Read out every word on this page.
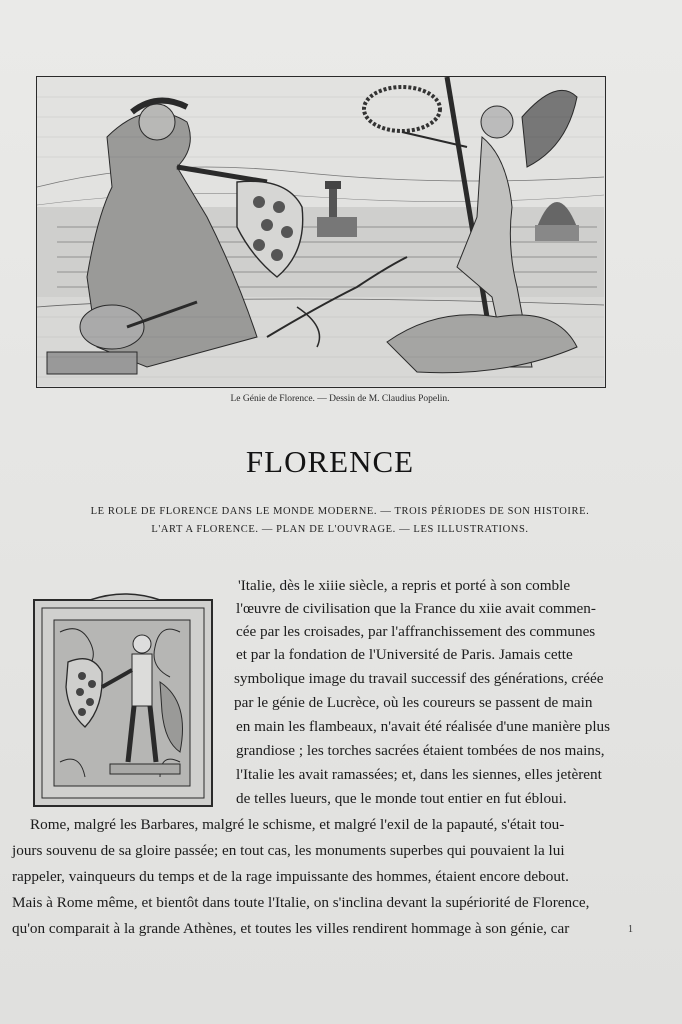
Le Génie de Florence. — Dessin de M. Claudius Popelin.
FLORENCE
LE ROLE DE FLORENCE DANS LE MONDE MODERNE. — TROIS PÉRIODES DE SON HISTOIRE.
L'ART A FLORENCE. — PLAN DE L'OUVRAGE. — LES ILLUSTRATIONS.
'Italie, dès le xiiie siècle, a repris et porté à son comble
l'œuvre de civilisation que la France du xiie avait commen-
cée par les croisades, par l'affranchissement des communes
et par la fondation de l'Université de Paris. Jamais cette
symbolique image du travail successif des générations, créée
par le génie de Lucrèce, où les coureurs se passent de main
en main les flambeaux, n'avait été réalisée d'une manière plus
grandiose ; les torches sacrées étaient tombées de nos mains,
l'Italie les avait ramassées; et, dans les siennes, elles jetèrent
de telles lueurs, que le monde tout entier en fut ébloui.
Rome, malgré les Barbares, malgré le schisme, et malgré l'exil de la papauté, s'était tou-
jours souvenu de sa gloire passée; en tout cas, les monuments superbes qui pouvaient la lui
rappeler, vainqueurs du temps et de la rage impuissante des hommes, étaient encore debout.
Mais à Rome même, et bientôt dans toute l'Italie, on s'inclina devant la supériorité de Florence,
qu'on comparait à la grande Athènes, et toutes les villes rendirent hommage à son génie, car	1
